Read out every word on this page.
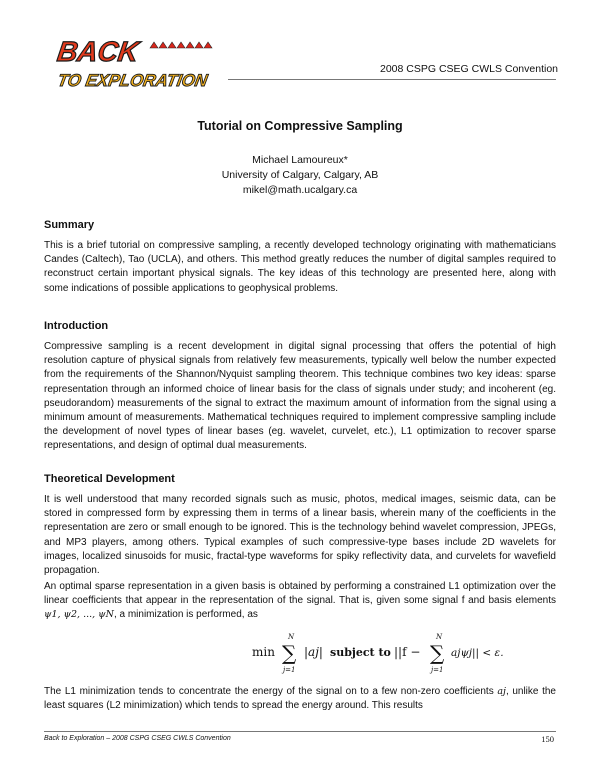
BACK
TO EXPLORATION
2008 CSPG CSEG CWLS Convention
Tutorial on Compressive Sampling
Michael Lamoureux*
University of Calgary, Calgary, AB
mikel@math.ucalgary.ca
Summary
This is a brief tutorial on compressive sampling, a recently developed technology originating with mathematicians Candes (Caltech), Tao (UCLA), and others. This method greatly reduces the number of digital samples required to reconstruct certain important physical signals. The key ideas of this technology are presented here, along with some indications of possible applications to geophysical problems.
Introduction
Compressive sampling is a recent development in digital signal processing that offers the potential of high resolution capture of physical signals from relatively few measurements, typically well below the number expected from the requirements of the Shannon/Nyquist sampling theorem. This technique combines two key ideas: sparse representation through an informed choice of linear basis for the class of signals under study; and incoherent (eg. pseudorandom) measurements of the signal to extract the maximum amount of information from the signal using a minimum amount of measurements. Mathematical techniques required to implement compressive sampling include the development of novel types of linear bases (eg. wavelet, curvelet, etc.), L1 optimization to recover sparse representations, and design of optimal dual measurements.
Theoretical Development
It is well understood that many recorded signals such as music, photos, medical images, seismic data, can be stored in compressed form by expressing them in terms of a linear basis, wherein many of the coefficients in the representation are zero or small enough to be ignored. This is the technology behind wavelet compression, JPEGs, and MP3 players, among others. Typical examples of such compressive-type bases include 2D wavelets for images, localized sinusoids for music, fractal-type waveforms for spiky reflectivity data, and curvelets for wavefield propagation.
An optimal sparse representation in a given basis is obtained by performing a constrained L1 optimization over the linear coefficients that appear in the representation of the signal. That is, given some signal f and basis elements ψ1, ψ2, ..., ψN, a minimization is performed, as
min
N
∑
j=1
|aj| subject to ||f −
N
∑
j=1
ajψj|| < ε.
The L1 minimization tends to concentrate the energy of the signal on to a few non-zero coefficients aj, unlike the least squares (L2 minimization) which tends to spread the energy around. This results
Back to Exploration – 2008 CSPG CSEG CWLS Convention	150
